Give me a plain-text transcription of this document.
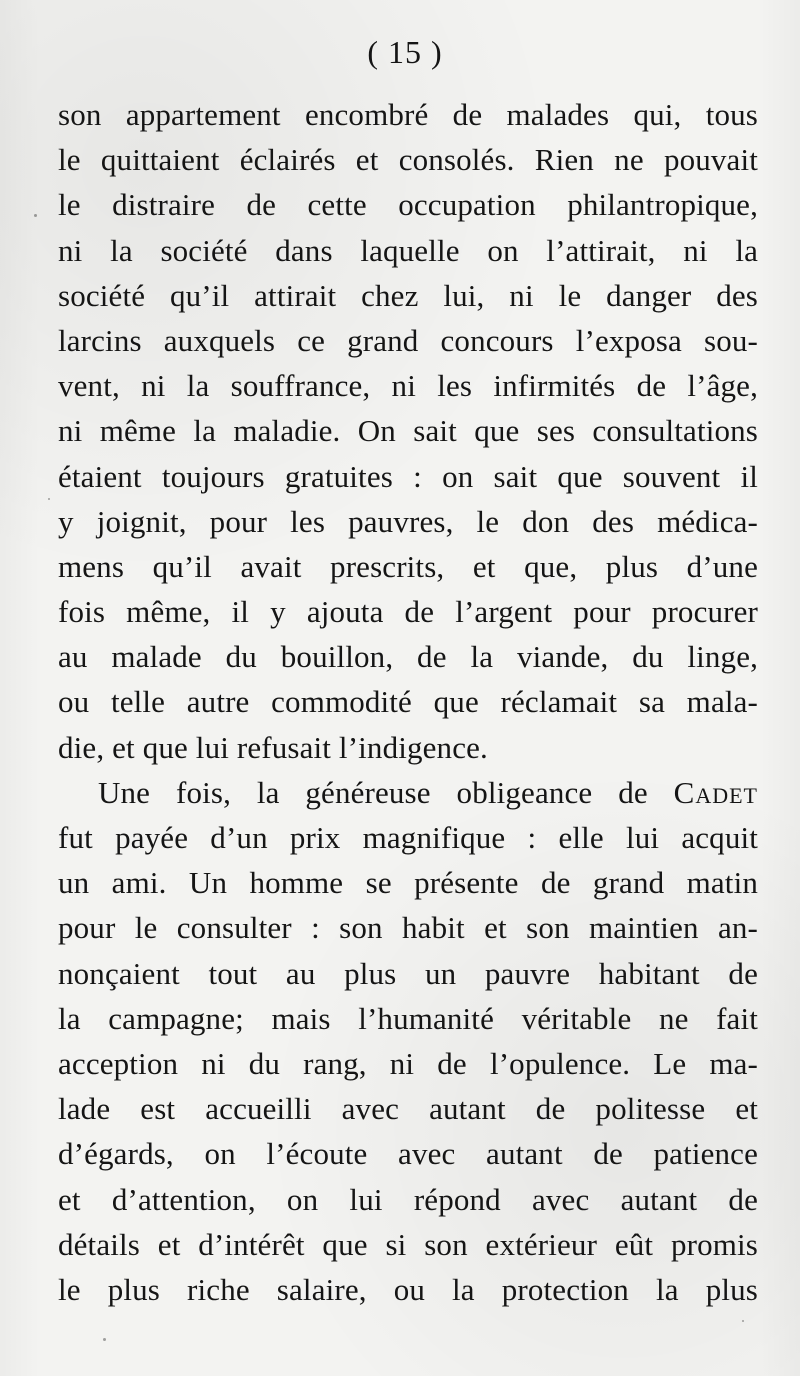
( 15 )
son appartement encombré de malades qui, tous
le quittaient éclairés et consolés. Rien ne pouvait
le distraire de cette occupation philantropique,
ni la société dans laquelle on l’attirait, ni la
société qu’il attirait chez lui, ni le danger des
larcins auxquels ce grand concours l’exposa sou-
vent, ni la souffrance, ni les infirmités de l’âge,
ni même la maladie. On sait que ses consultations
étaient toujours gratuites : on sait que souvent il
y joignit, pour les pauvres, le don des médica-
mens qu’il avait prescrits, et que, plus d’une
fois même, il y ajouta de l’argent pour procurer
au malade du bouillon, de la viande, du linge,
ou telle autre commodité que réclamait sa mala-
die, et que lui refusait l’indigence.
Une fois, la généreuse obligeance de Cadet
fut payée d’un prix magnifique : elle lui acquit
un ami. Un homme se présente de grand matin
pour le consulter : son habit et son maintien an-
nonçaient tout au plus un pauvre habitant de
la campagne; mais l’humanité véritable ne fait
acception ni du rang, ni de l’opulence. Le ma-
lade est accueilli avec autant de politesse et
d’égards, on l’écoute avec autant de patience
et d’attention, on lui répond avec autant de
détails et d’intérêt que si son extérieur eût promis
le plus riche salaire, ou la protection la plus
